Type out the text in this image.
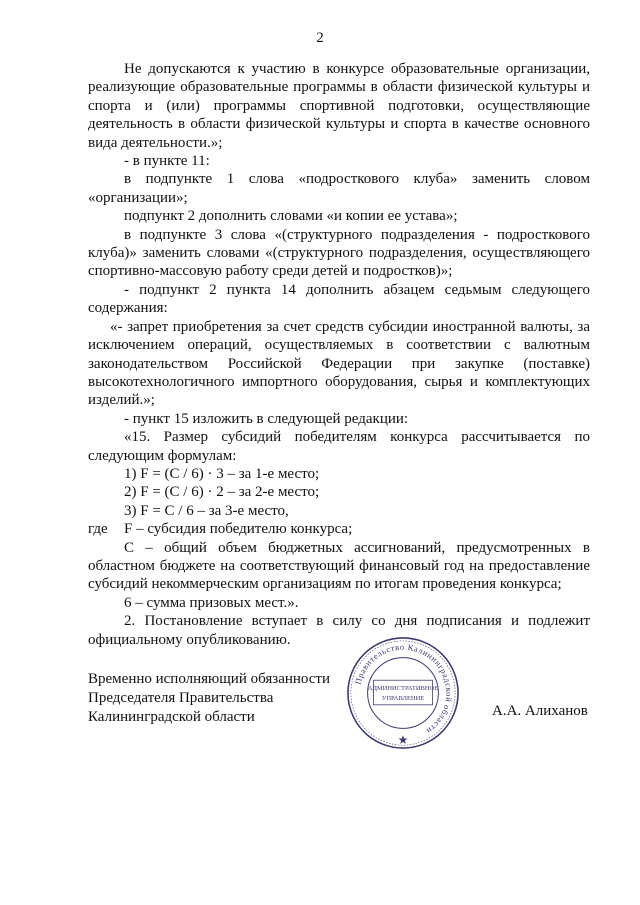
2

Не допускаются к участию в конкурсе образовательные организации, реализующие образовательные программы в области физической культуры и спорта и (или) программы спортивной подготовки, осуществляющие деятельность в области физической культуры и спорта в качестве основного вида деятельности.»;

- в пункте 11:

в подпункте 1 слова «подросткового клуба» заменить словом «организации»;

подпункт 2 дополнить словами «и копии ее устава»;

в подпункте 3 слова «(структурного подразделения - подросткового клуба)» заменить словами «(структурного подразделения, осуществляющего спортивно-массовую работу среди детей и подростков)»;

- подпункт 2 пункта 14 дополнить абзацем седьмым следующего содержания:

«- запрет приобретения за счет средств субсидии иностранной валюты, за исключением операций, осуществляемых в соответствии с валютным законодательством Российской Федерации при закупке (поставке) высокотехнологичного импортного оборудования, сырья и комплектующих изделий.»;

- пункт 15 изложить в следующей редакции:

«15. Размер субсидий победителям конкурса рассчитывается по следующим формулам:

1) F = (C / 6) · 3 – за 1-е место;

2) F = (C / 6) · 2 – за 2-е место;

3) F = C / 6 – за 3-е место,

где	F – субсидия победителю конкурса;

C – общий объем бюджетных ассигнований, предусмотренных в областном бюджете на соответствующий финансовый год на предоставление субсидий некоммерческим организациям по итогам проведения конкурса;

6 – сумма призовых мест.».

2. Постановление вступает в силу со дня подписания и подлежит официальному опубликованию.

Временно исполняющий обязанности
Председателя Правительства
Калининградской области
Правительство Калининградской области
АДМИНИСТРАТИВНОЕ
УПРАВЛЕНИЕ
А.А. Алиханов
